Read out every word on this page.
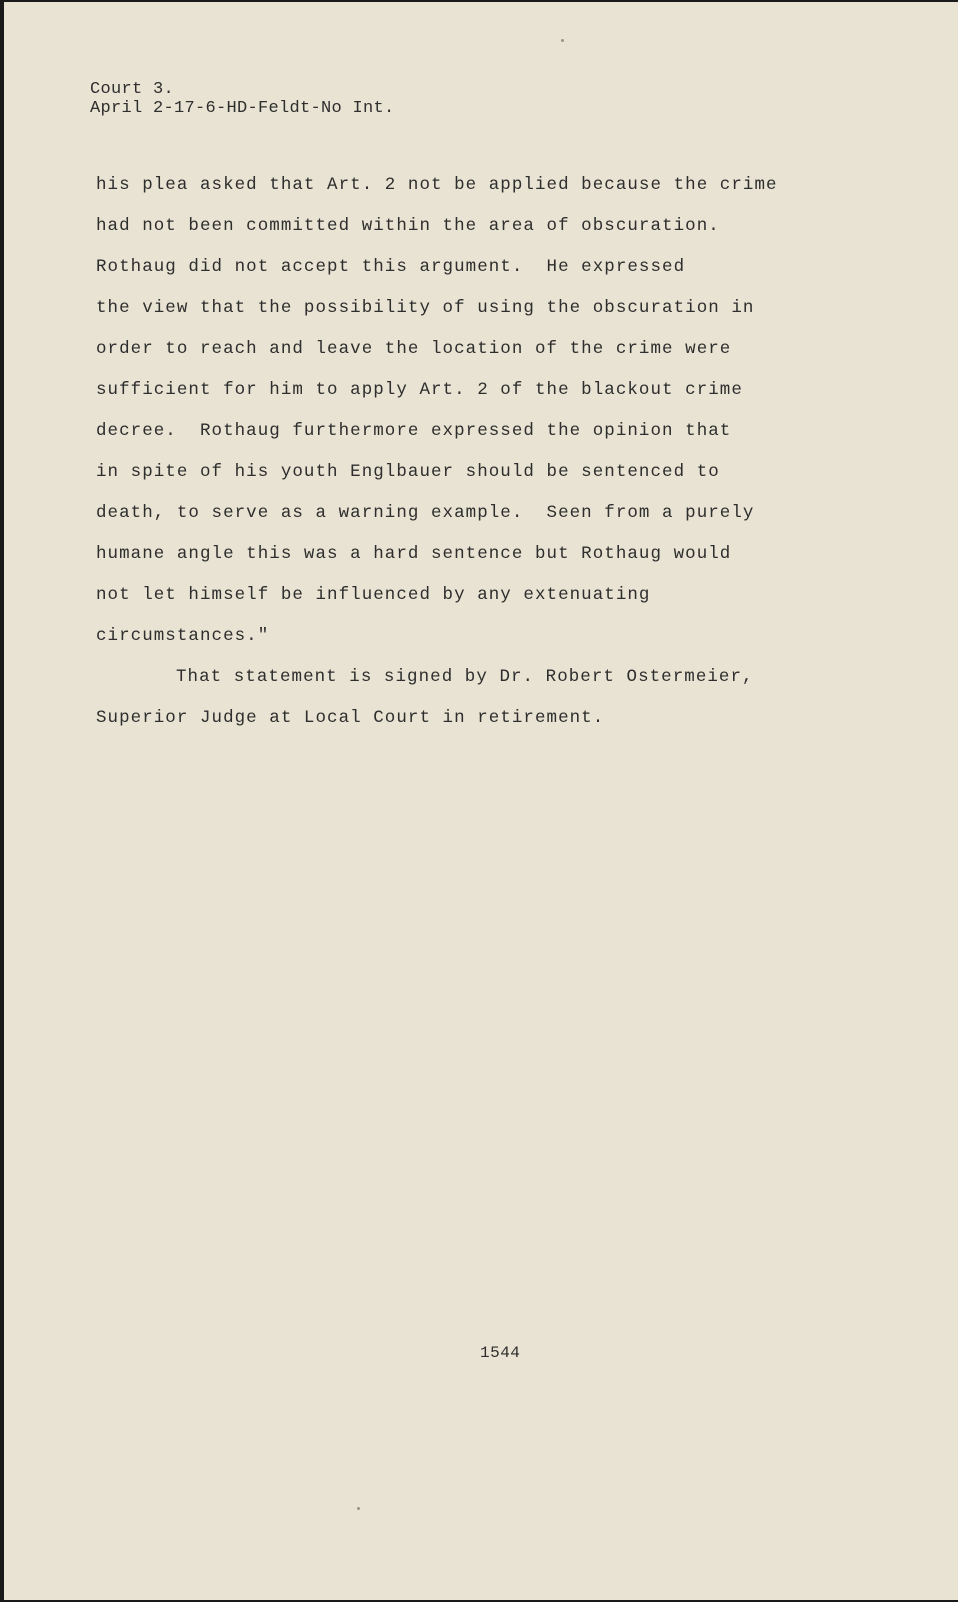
Court 3.
April 2-17-6-HD-Feldt-No Int.
his plea asked that Art. 2 not be applied because the crime
had not been committed within the area of obscuration.
Rothaug did not accept this argument.  He expressed
the view that the possibility of using the obscuration in
order to reach and leave the location of the crime were
sufficient for him to apply Art. 2 of the blackout crime
decree.  Rothaug furthermore expressed the opinion that
in spite of his youth Englbauer should be sentenced to
death, to serve as a warning example.  Seen from a purely
humane angle this was a hard sentence but Rothaug would
not let himself be influenced by any extenuating
circumstances."
That statement is signed by Dr. Robert Ostermeier,
Superior Judge at Local Court in retirement.
1544
